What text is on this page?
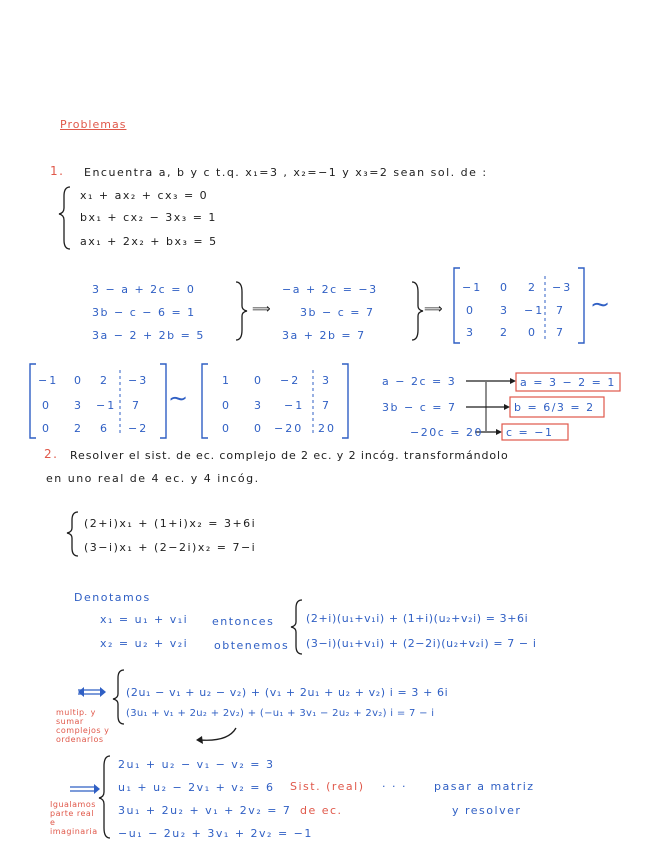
Problemas
1. Encuentra a, b y c t.q. x₁=3 , x₂=−1 y x₃=2 sean sol. de :
x₁ + ax₂ + cx₃ = 0
bx₁ + cx₂ − 3x₃ = 1
ax₁ + 2x₂ + bx₃ = 5
3 − a + 2c = 0
3b − c − 6 = 1
3a − 2 + 2b = 5
⟹
−a + 2c = −3
3b − c = 7
3a + 2b = 7
⟹
−1 0 2 −3
0 3 −1 7
3 2 0 7
∼
−1 0 2 −3
0 3 −1 7
0 2 6 −2
∼
1 0 −2 3
0 3 −1 7
0 0 −20 20
a − 2c = 3
3b − c = 7
−20c = 20
a = 3 − 2 = 1
b = 6/3 = 2
c = −1
2. Resolver el sist. de ec. complejo de 2 ec. y 2 incóg. transformándolo
en uno real de 4 ec. y 4 incóg.
(2+i)x₁ + (1+i)x₂ = 3+6i
(3−i)x₁ + (2−2i)x₂ = 7−i
Denotamos
x₁ = u₁ + v₁i
x₂ = u₂ + v₂i
entonces
obtenemos
(2+i)(u₁+v₁i) + (1+i)(u₂+v₂i) = 3+6i
(3−i)(u₁+v₁i) + (2−2i)(u₂+v₂i) = 7 − i
(2u₁ − v₁ + u₂ − v₂) + (v₁ + 2u₁ + u₂ + v₂) i = 3 + 6i
(3u₁ + v₁ + 2u₂ + 2v₂) + (−u₁ + 3v₁ − 2u₂ + 2v₂) i = 7 − i
multip. y sumar complejos y ordenarlos
2u₁ + u₂ − v₁ − v₂ = 3
u₁ + u₂ − 2v₁ + v₂ = 6
3u₁ + 2u₂ + v₁ + 2v₂ = 7
−u₁ − 2u₂ + 3v₁ + 2v₂ = −1
Igualamos parte real e imaginaria
Sist. (real)
de ec.
· · · pasar a matriz
y resolver
